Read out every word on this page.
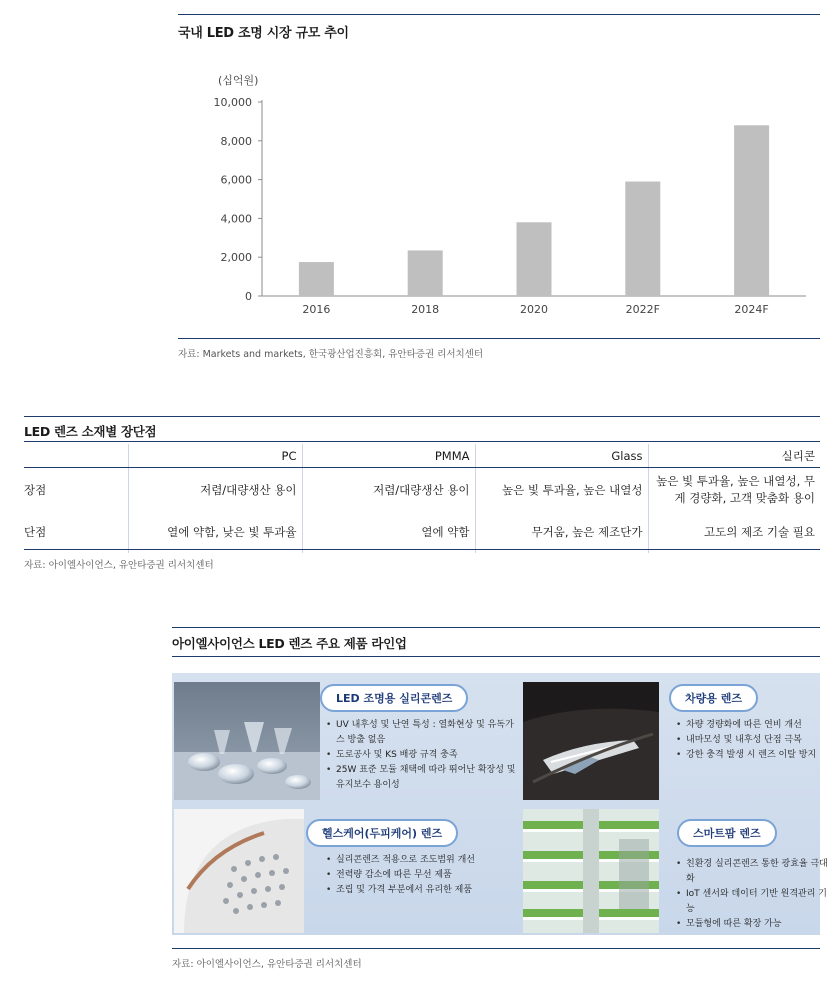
국내 LED 조명 시장 규모 추이
(십억원)
0
2,000
4,000
6,000
8,000
10,000
2016	2018	2020	2022F	2024F
자료: Markets and markets, 한국광산업진흥회, 유안타증권 리서치센터
LED 렌즈 소재별 장단점
	PC	PMMA	Glass	실리콘
장점	저렴/대량생산 용이	저렴/대량생산 용이	높은 빛 투과율, 높은 내열성	높은 빛 투과율, 높은 내열성, 무게 경량화, 고객 맞춤화 용이
단점	열에 약함, 낮은 빛 투과율	열에 약함	무거움, 높은 제조단가	고도의 제조 기술 필요
자료: 아이엘사이언스, 유안타증권 리서치센터
아이엘사이언스 LED 렌즈 주요 제품 라인업
LED 조명용 실리콘렌즈
• UV 내후성 및 난연 특성 : 열화현상 및 유독가스 방출 없음
• 도로공사 및 KS 배광 규격 충족
• 25W 표준 모듈 채택에 따라 뛰어난 확장성 및 유지보수 용이성
차량용 렌즈
• 차량 경량화에 따른 연비 개선
• 내마모성 및 내후성 단점 극복
• 강한 충격 발생 시 렌즈 이탈 방지
헬스케어(두피케어) 렌즈
• 실리콘렌즈 적용으로 조도범위 개선
• 전력량 감소에 따른 무선 제품
• 조립 및 가격 부분에서 유리한 제품
스마트팜 렌즈
• 친환경 실리콘렌즈 통한 광효율 극대화
• IoT 센서와 데이터 기반 원격관리 기능
• 모듈형에 따른 확장 가능
자료: 아이엘사이언스, 유안타증권 리서치센터
